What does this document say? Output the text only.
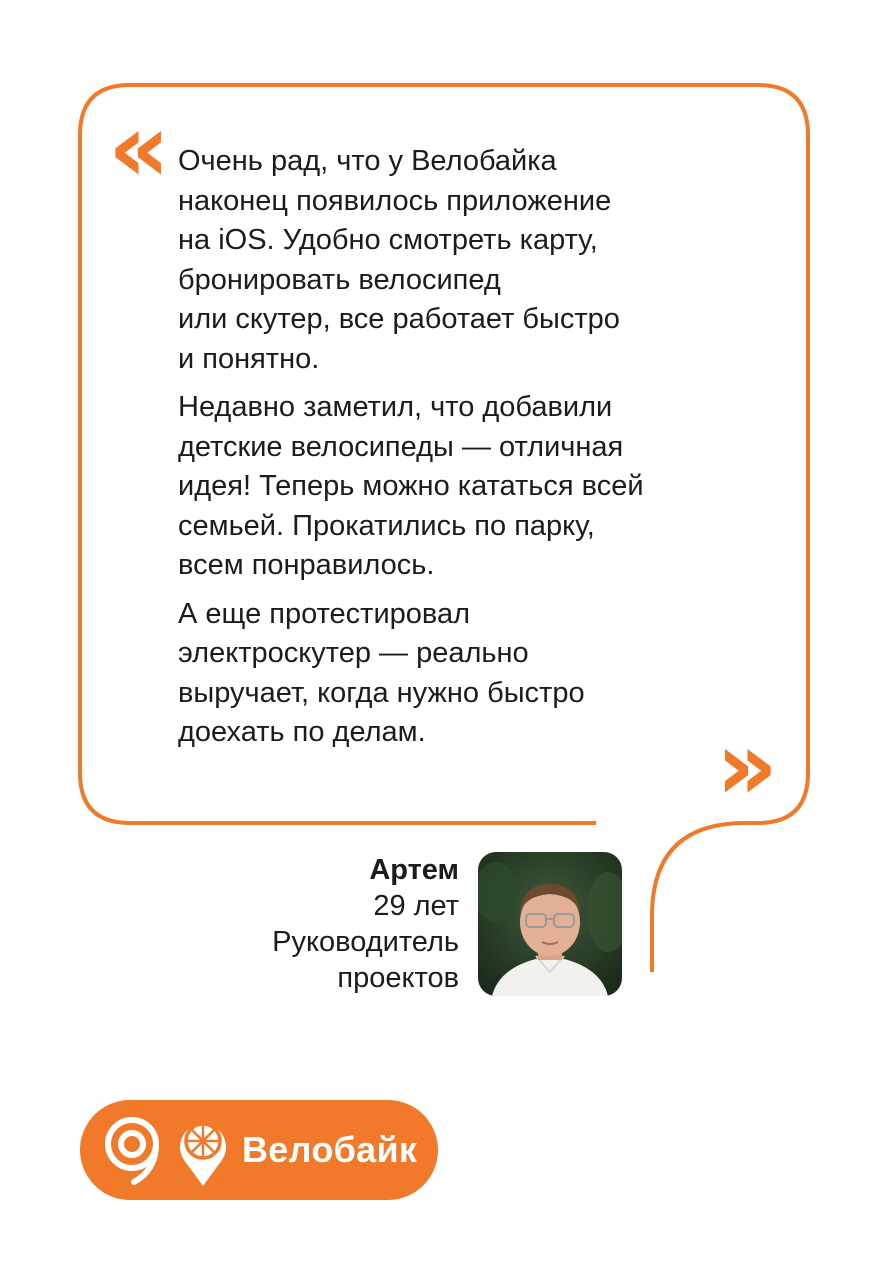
« Очень рад, что у Велобайка
наконец появилось приложение
на iOS. Удобно смотреть карту,
бронировать велосипед
или скутер, все работает быстро
и понятно.

Недавно заметил, что добавили
детские велосипеды — отличная
идея! Теперь можно кататься всей
семьей. Прокатились по парку,
всем понравилось.

А еще протестировал
электроскутер — реально
выручает, когда нужно быстро
доехать по делам.	»
Артем
29 лет
Руководитель
проектов
Велобайк
